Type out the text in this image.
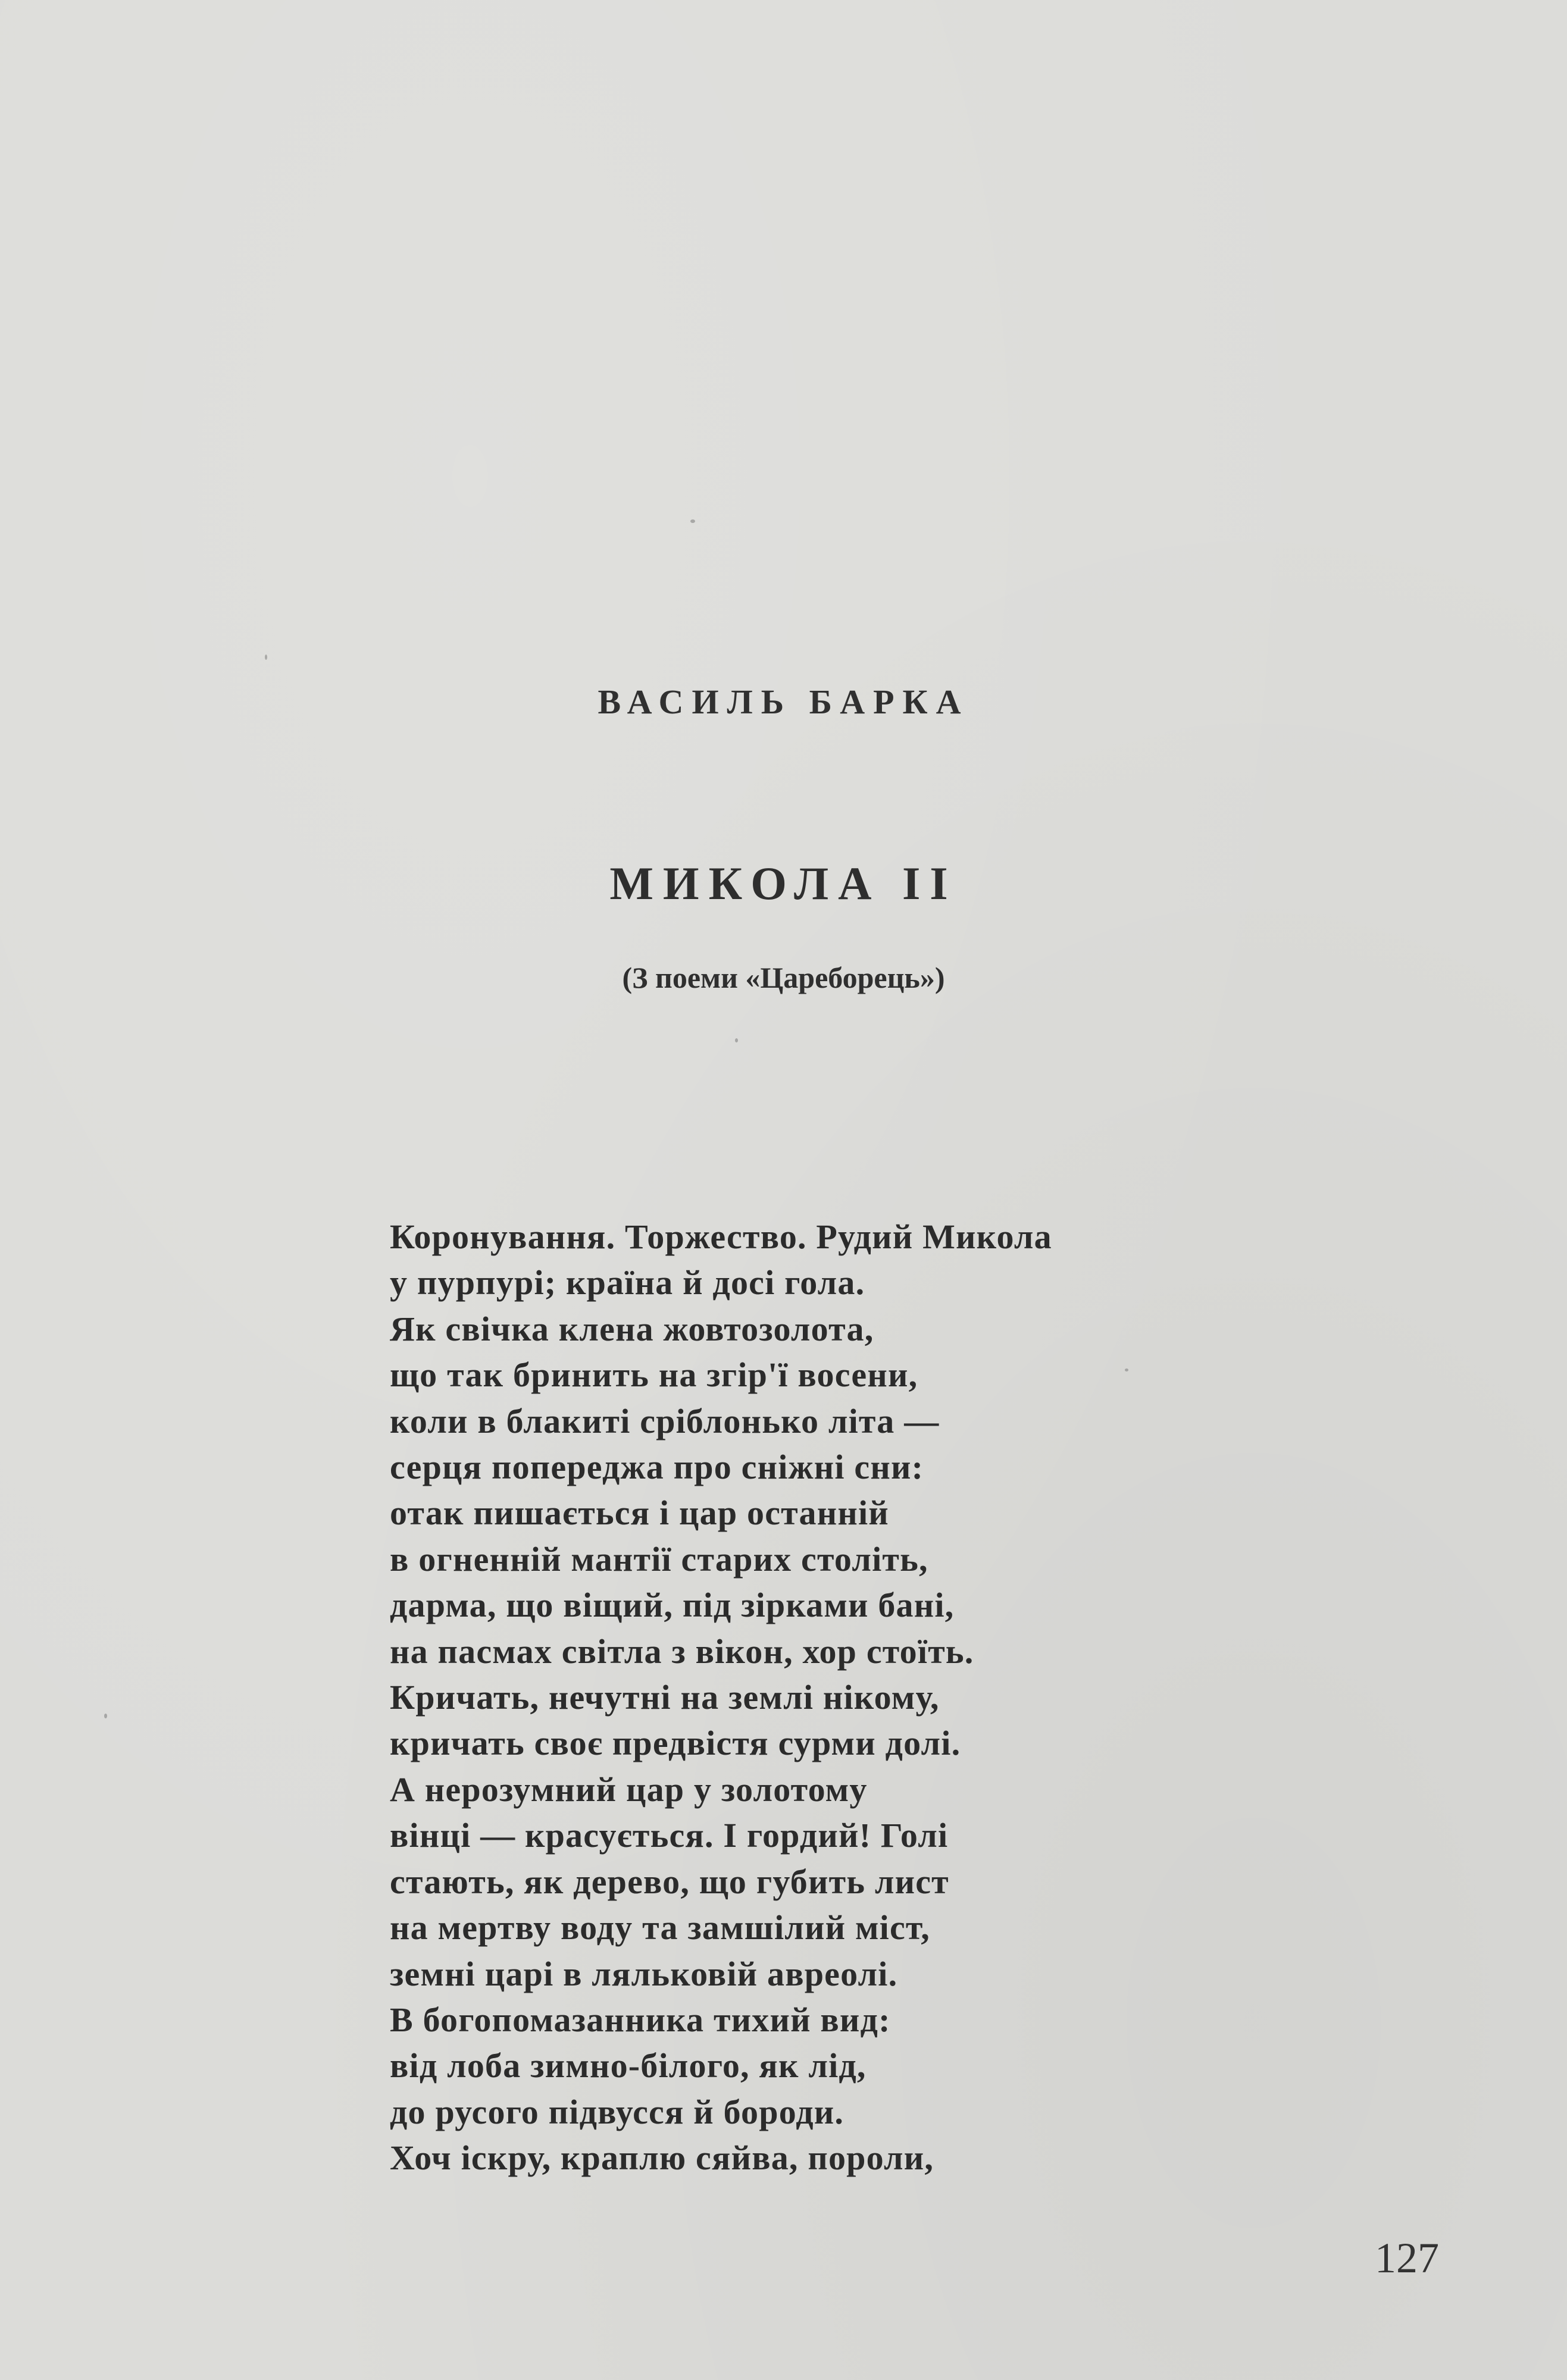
ВАСИЛЬ БАРКА
МИКОЛА II
(З поеми «Цареборець»)
Коронування. Торжество. Рудий Микола
у пурпурі; країна й досі гола.
Як свічка клена жовтозолота,
що так бринить на згір'ї восени,
коли в блакиті сріблонько літа —
серця попереджа про сніжні сни:
отак пишається і цар останній
в огненній мантії старих століть,
дарма, що віщий, під зірками бані,
на пасмах світла з вікон, хор стоїть.
Кричать, нечутні на землі нікому,
кричать своє предвістя сурми долі.
А нерозумний цар у золотому
вінці — красується. І гордий! Голі
стають, як дерево, що губить лист
на мертву воду та замшілий міст,
земні царі в ляльковій авреолі.
В богопомазанника тихий вид:
від лоба зимно-білого, як лід,
до русого підвусся й бороди.
Хоч іскру, краплю сяйва, пороли,
127
